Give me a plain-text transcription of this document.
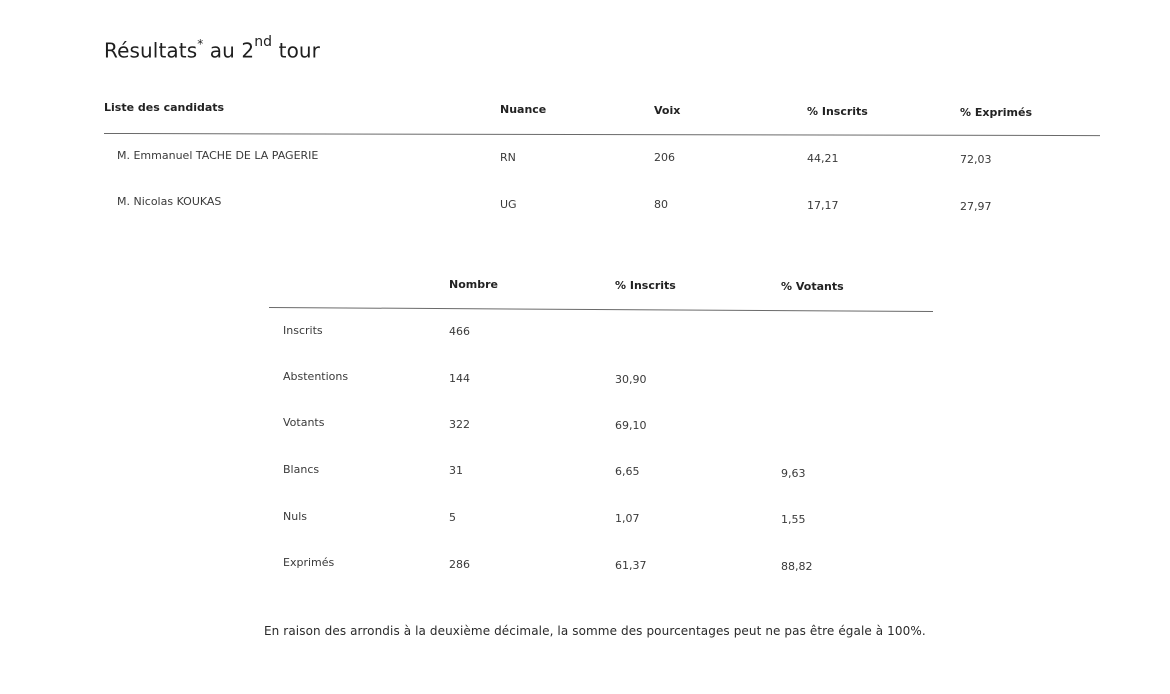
Résultats* au 2nd tour
Liste des candidats	Nuance	Voix	% Inscrits	% Exprimés
M. Emmanuel TACHE DE LA PAGERIE	RN	206	44,21	72,03
M. Nicolas KOUKAS	UG	80	17,17	27,97
Nombre	% Inscrits	% Votants
Inscrits	466
Abstentions	144	30,90
Votants	322	69,10
Blancs	31	6,65	9,63
Nuls	5	1,07	1,55
Exprimés	286	61,37	88,82
En raison des arrondis à la deuxième décimale, la somme des pourcentages peut ne pas être égale à 100%.
